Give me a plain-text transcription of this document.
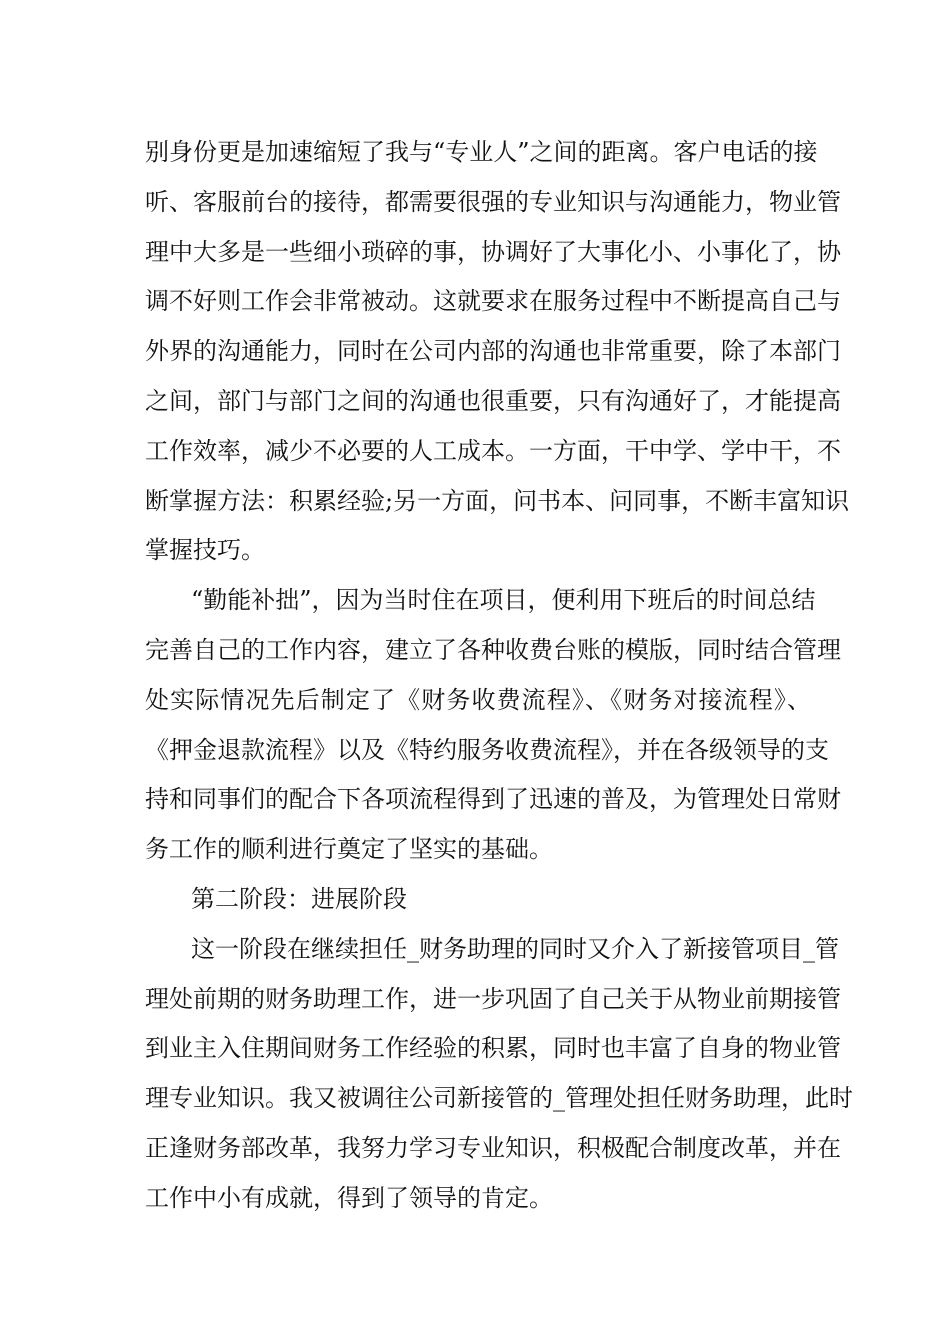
别身份更是加速缩短了我与“专业人”之间的距离。客户电话的接
听、客服前台的接待，都需要很强的专业知识与沟通能力，物业管
理中大多是一些细小琐碎的事，协调好了大事化小、小事化了，协
调不好则工作会非常被动。这就要求在服务过程中不断提高自己与
外界的沟通能力，同时在公司内部的沟通也非常重要，除了本部门
之间，部门与部门之间的沟通也很重要，只有沟通好了，才能提高
工作效率，减少不必要的人工成本。一方面，干中学、学中干，不
断掌握方法：积累经验;另一方面，问书本、问同事，不断丰富知识
掌握技巧。
“勤能补拙”，因为当时住在项目，便利用下班后的时间总结
完善自己的工作内容，建立了各种收费台账的模版，同时结合管理
处实际情况先后制定了《财务收费流程》、《财务对接流程》、
《押金退款流程》以及《特约服务收费流程》，并在各级领导的支
持和同事们的配合下各项流程得到了迅速的普及，为管理处日常财
务工作的顺利进行奠定了坚实的基础。
第二阶段：进展阶段
这一阶段在继续担任_财务助理的同时又介入了新接管项目_管
理处前期的财务助理工作，进一步巩固了自己关于从物业前期接管
到业主入住期间财务工作经验的积累，同时也丰富了自身的物业管
理专业知识。我又被调往公司新接管的_管理处担任财务助理，此时
正逢财务部改革，我努力学习专业知识，积极配合制度改革，并在
工作中小有成就，得到了领导的肯定。
